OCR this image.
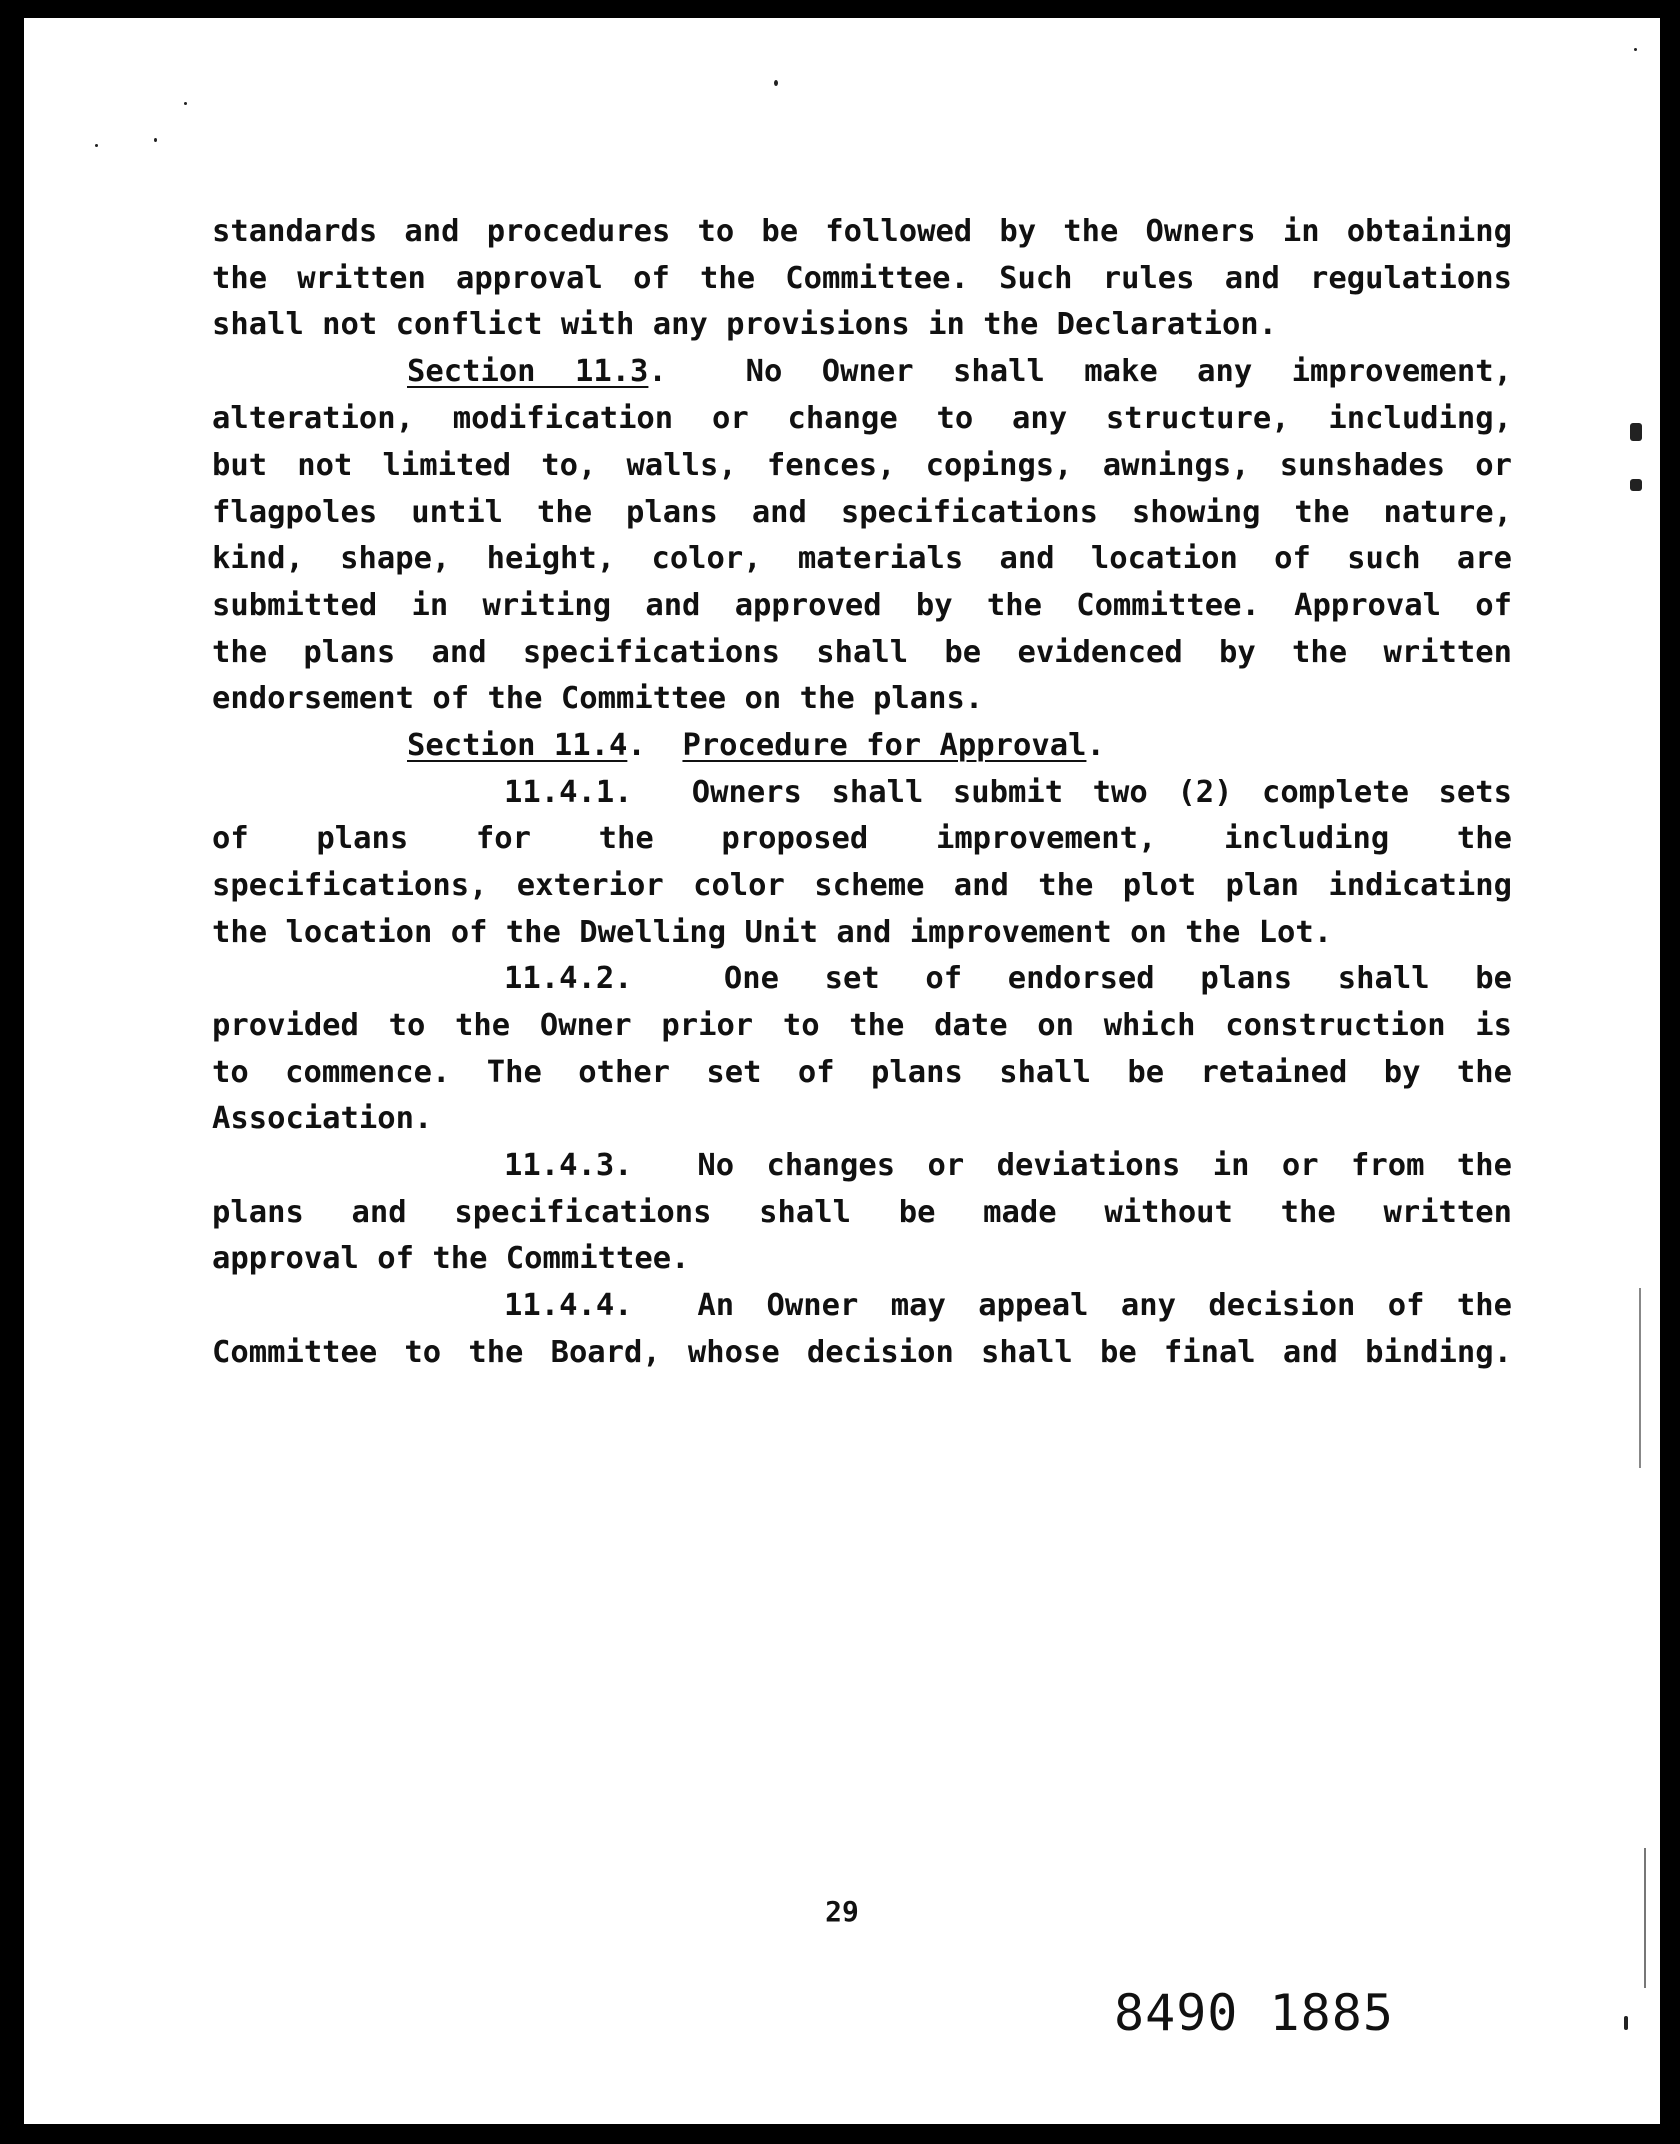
standards and procedures to be followed by the Owners in obtaining
the written approval of the Committee. Such rules and regulations
shall not conflict with any provisions in the Declaration.
Section 11.3.  No Owner shall make any improvement,
alteration, modification or change to any structure, including,
but not limited to, walls, fences, copings, awnings, sunshades or
flagpoles until the plans and specifications showing the nature,
kind, shape, height, color, materials and location of such are
submitted in writing and approved by the Committee. Approval of
the plans and specifications shall be evidenced by the written
endorsement of the Committee on the plans.
Section 11.4.  Procedure for Approval.
11.4.1. Owners shall submit two (2) complete sets
of plans for the proposed improvement, including the
specifications, exterior color scheme and the plot plan indicating
the location of the Dwelling Unit and improvement on the Lot.
11.4.2.	One set of endorsed plans shall be
provided to the Owner prior to the date on which construction is
to commence. The other set of plans shall be retained by the
Association.
11.4.3. No changes or deviations in or from the
plans and specifications shall be made without the written
approval of the Committee.
11.4.4. An Owner may appeal any decision of the
Committee to the Board, whose decision shall be final and binding.
29
8490 1885
